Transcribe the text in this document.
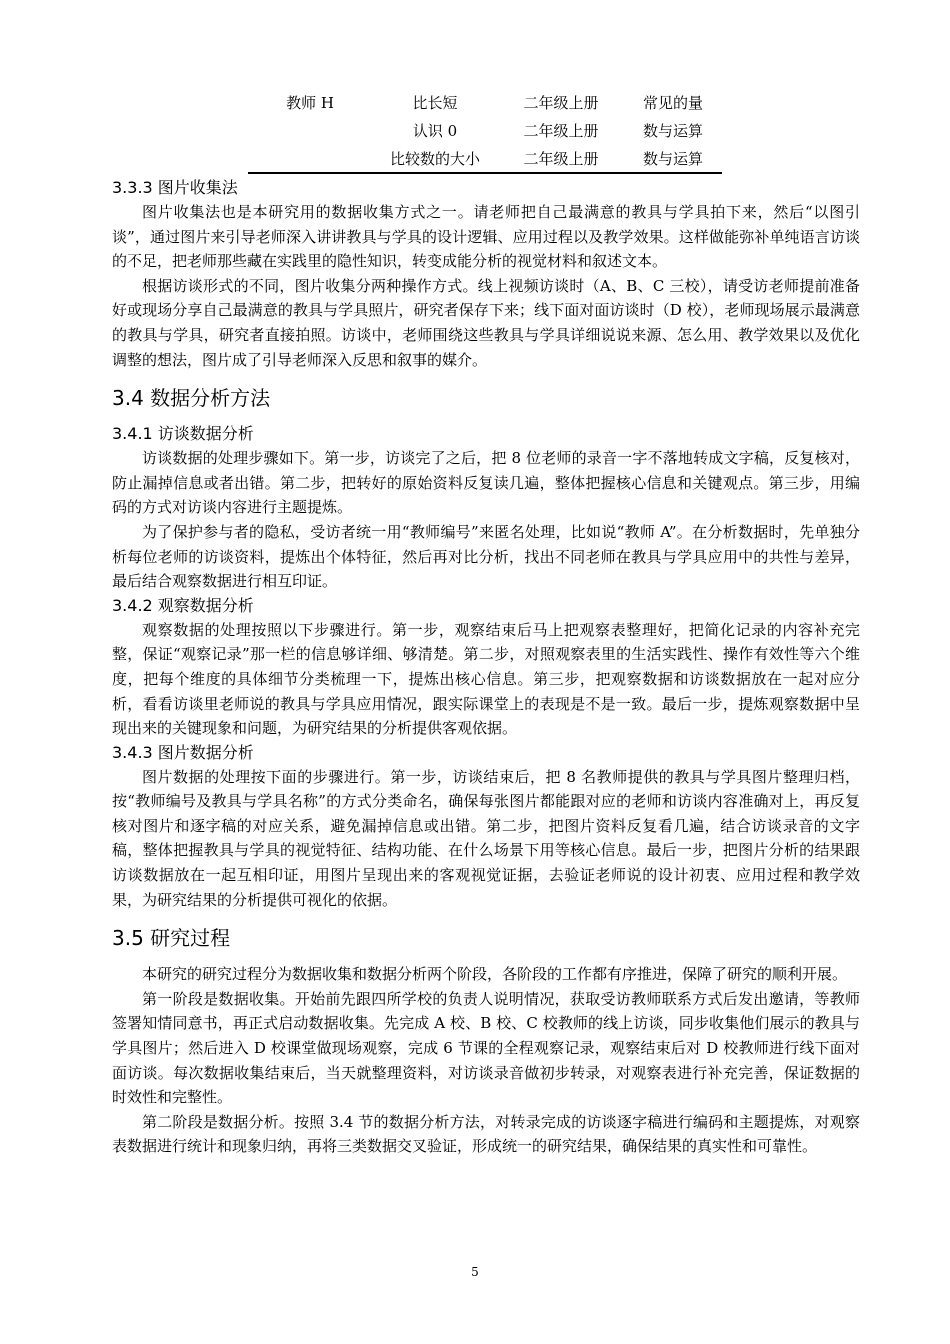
教师 H	比长短	二年级上册	常见的量
	认识 0	二年级上册	数与运算
	比较数的大小	二年级上册	数与运算
3.3.3 图片收集法

图片收集法也是本研究用的数据收集方式之一。请老师把自己最满意的教具与学具拍下来，然后“以图引谈”，通过图片来引导老师深入讲讲教具与学具的设计逻辑、应用过程以及教学效果。这样做能弥补单纯语言访谈的不足，把老师那些藏在实践里的隐性知识，转变成能分析的视觉材料和叙述文本。

根据访谈形式的不同，图片收集分两种操作方式。线上视频访谈时（A、B、C 三校），请受访老师提前准备好或现场分享自己最满意的教具与学具照片，研究者保存下来；线下面对面访谈时（D 校），老师现场展示最满意的教具与学具，研究者直接拍照。访谈中，老师围绕这些教具与学具详细说说来源、怎么用、教学效果以及优化调整的想法，图片成了引导老师深入反思和叙事的媒介。

3.4 数据分析方法
3.4.1 访谈数据分析

访谈数据的处理步骤如下。第一步，访谈完了之后，把 8 位老师的录音一字不落地转成文字稿，反复核对，防止漏掉信息或者出错。第二步，把转好的原始资料反复读几遍，整体把握核心信息和关键观点。第三步，用编码的方式对访谈内容进行主题提炼。

为了保护参与者的隐私，受访者统一用“教师编号”来匿名处理，比如说“教师 A”。在分析数据时，先单独分析每位老师的访谈资料，提炼出个体特征，然后再对比分析，找出不同老师在教具与学具应用中的共性与差异，最后结合观察数据进行相互印证。

3.4.2 观察数据分析

观察数据的处理按照以下步骤进行。第一步，观察结束后马上把观察表整理好，把简化记录的内容补充完整，保证“观察记录”那一栏的信息够详细、够清楚。第二步，对照观察表里的生活实践性、操作有效性等六个维度，把每个维度的具体细节分类梳理一下，提炼出核心信息。第三步，把观察数据和访谈数据放在一起对应分析，看看访谈里老师说的教具与学具应用情况，跟实际课堂上的表现是不是一致。最后一步，提炼观察数据中呈现出来的关键现象和问题，为研究结果的分析提供客观依据。

3.4.3 图片数据分析

图片数据的处理按下面的步骤进行。第一步，访谈结束后，把 8 名教师提供的教具与学具图片整理归档，按“教师编号及教具与学具名称”的方式分类命名，确保每张图片都能跟对应的老师和访谈内容准确对上，再反复核对图片和逐字稿的对应关系，避免漏掉信息或出错。第二步，把图片资料反复看几遍，结合访谈录音的文字稿，整体把握教具与学具的视觉特征、结构功能、在什么场景下用等核心信息。最后一步，把图片分析的结果跟访谈数据放在一起互相印证，用图片呈现出来的客观视觉证据，去验证老师说的设计初衷、应用过程和教学效果，为研究结果的分析提供可视化的依据。

3.5 研究过程

本研究的研究过程分为数据收集和数据分析两个阶段，各阶段的工作都有序推进，保障了研究的顺利开展。

第一阶段是数据收集。开始前先跟四所学校的负责人说明情况，获取受访教师联系方式后发出邀请，等教师签署知情同意书，再正式启动数据收集。先完成 A 校、B 校、C 校教师的线上访谈，同步收集他们展示的教具与学具图片；然后进入 D 校课堂做现场观察，完成 6 节课的全程观察记录，观察结束后对 D 校教师进行线下面对面访谈。每次数据收集结束后，当天就整理资料，对访谈录音做初步转录，对观察表进行补充完善，保证数据的时效性和完整性。

第二阶段是数据分析。按照 3.4 节的数据分析方法，对转录完成的访谈逐字稿进行编码和主题提炼，对观察表数据进行统计和现象归纳，再将三类数据交叉验证，形成统一的研究结果，确保结果的真实性和可靠性。

5
